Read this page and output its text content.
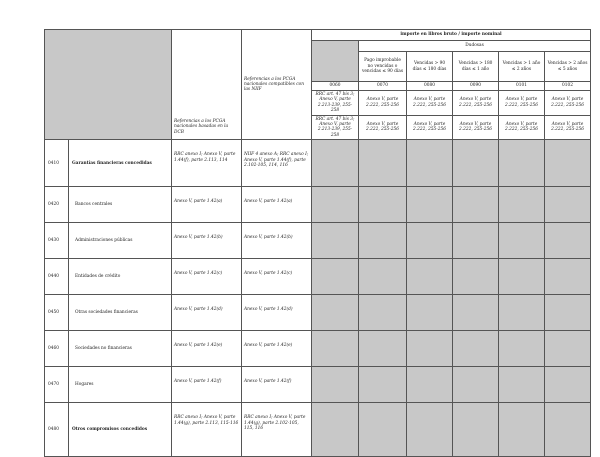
		Referencias a los PCGA nacionales basadas en la DCB	Referencias a los PCGA nacionales compatibles con las NIIF	importe en libros bruto / importe nominal					
					Dudosas				
					Pago improbable no vencidas o vencidas ≤ 90 días	Vencidas > 90 días ≤ 180 días	Vencidas > 180 días ≤ 1 año	Vencidas > 1 año ≤ 2 años	Vencidas > 2 años ≤ 5 años
				0060	0070	0080	0090	0101	0102
				RRC art. 47 bis 3; Anexo V, parte 2.213-239, 255-258	Anexo V, parte 2.222, 255-256	Anexo V, parte 2.222, 255-256	Anexo V, parte 2.222, 255-256	Anexo V, parte 2.222, 255-256	Anexo V, parte 2.222, 255-256
				RRC art. 47 bis 3; Anexo V, parte 2.213-239, 255-258	Anexo V, parte 2.222, 255-256	Anexo V, parte 2.222, 255-256	Anexo V, parte 2.222, 255-256	Anexo V, parte 2.222, 255-256	Anexo V, parte 2.222, 255-256
0410	Garantías financieras concedidas	RRC anexo I; Anexo V, parte 1.44(f), parte 2.113, 114	NIIF 4 anexo A; RRC anexo I; Anexo V, parte 1.44(f), parte 2.102-105, 114, 116						
0420	Bancos centrales	Anexo V, parte 1.42(a)	Anexo V, parte 1.42(a)						
0430	Administraciones públicas	Anexo V, parte 1.42(b)	Anexo V, parte 1.42(b)						
0440	Entidades de crédito	Anexo V, parte 1.42(c)	Anexo V, parte 1.42(c)						
0450	Otras sociedades financieras	Anexo V, parte 1.42(d)	Anexo V, parte 1.42(d)						
0460	Sociedades no financieras	Anexo V, parte 1.42(e)	Anexo V, parte 1.42(e)						
0470	Hogares	Anexo V, parte 1.42(f)	Anexo V, parte 1.42(f)						
0480	Otros compromisos concedidos	RRC anexo I; Anexo V, parte 1.44(g), parte 2.113, 115-116	RRC anexo I; Anexo V, parte 1.44(g), parte 2.102-105, 115, 116						
